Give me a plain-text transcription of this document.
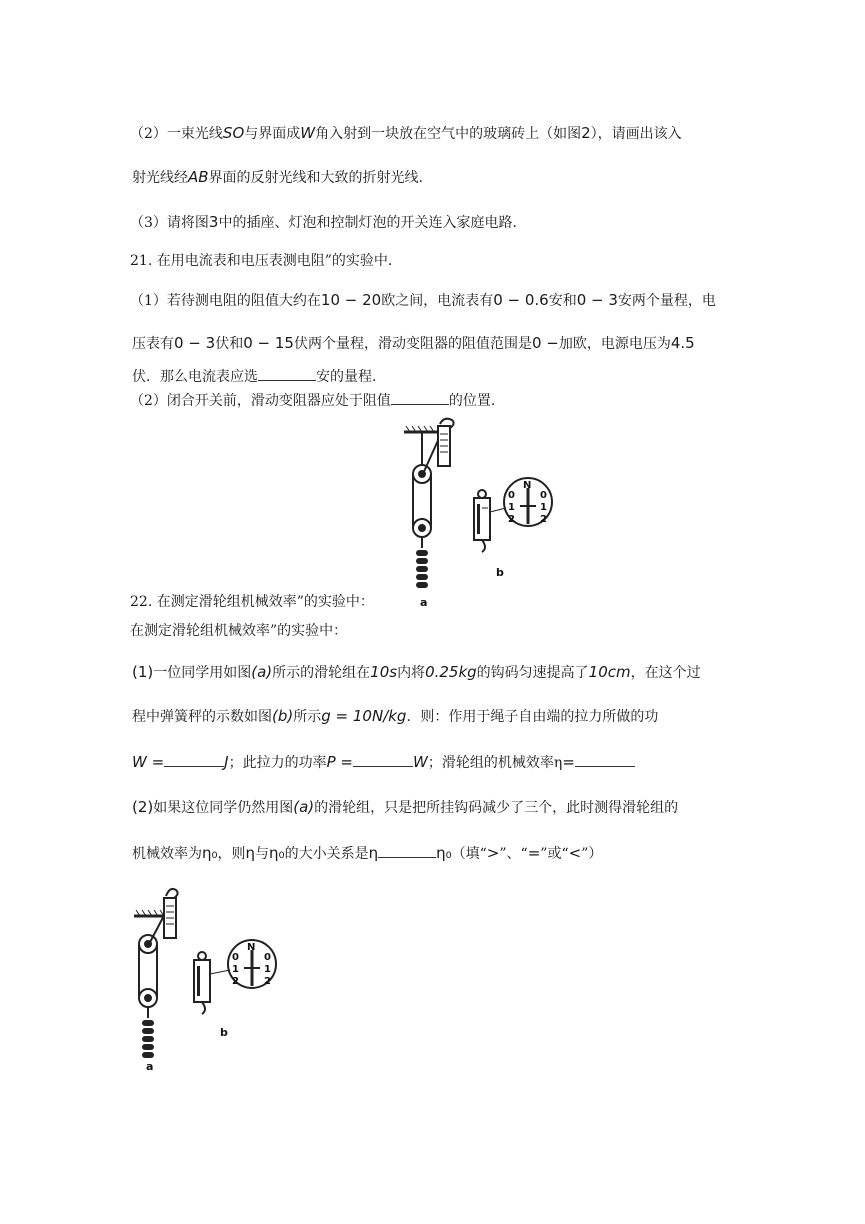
（2）一束光线SO与界面成W角入射到一块放在空气中的玻璃砖上（如图2），请画出该入
射光线经AB界面的反射光线和大致的折射光线.
（3）请将图3中的插座、灯泡和控制灯泡的开关连入家庭电路.
21. 在用电流表和电压表测电阻”的实验中.
（1）若待测电阻的阻值大约在10 − 20欧之间，电流表有0 − 0.6安和0 − 3安两个量程，电
压表有0 − 3伏和0 − 15伏两个量程，滑动变阻器的阻值范围是0 −加欧，电源电压为4.5
伏．那么电流表应选	安的量程.
（2）闭合开关前，滑动变阻器应处于阻值	的位置.
N
0
1
2
0
1
2
b
a
22. 在测定滑轮组机械效率”的实验中：
在测定滑轮组机械效率”的实验中：
(1)一位同学用如图(a)所示的滑轮组在10s内将0.25kg的钩码匀速提高了10cm，在这个过
程中弹簧秤的示数如图(b)所示g = 10N/kg．则：作用于绳子自由端的拉力所做的功
W =	J；此拉力的功率P =	W；滑轮组的机械效率η=
(2)如果这位同学仍然用图(a)的滑轮组，只是把所挂钩码减少了三个，此时测得滑轮组的
机械效率为η₀，则η与η₀的大小关系是η	η₀（填“>”、“=”或“<”）
N
0
1
2
0
1
2
b
a
